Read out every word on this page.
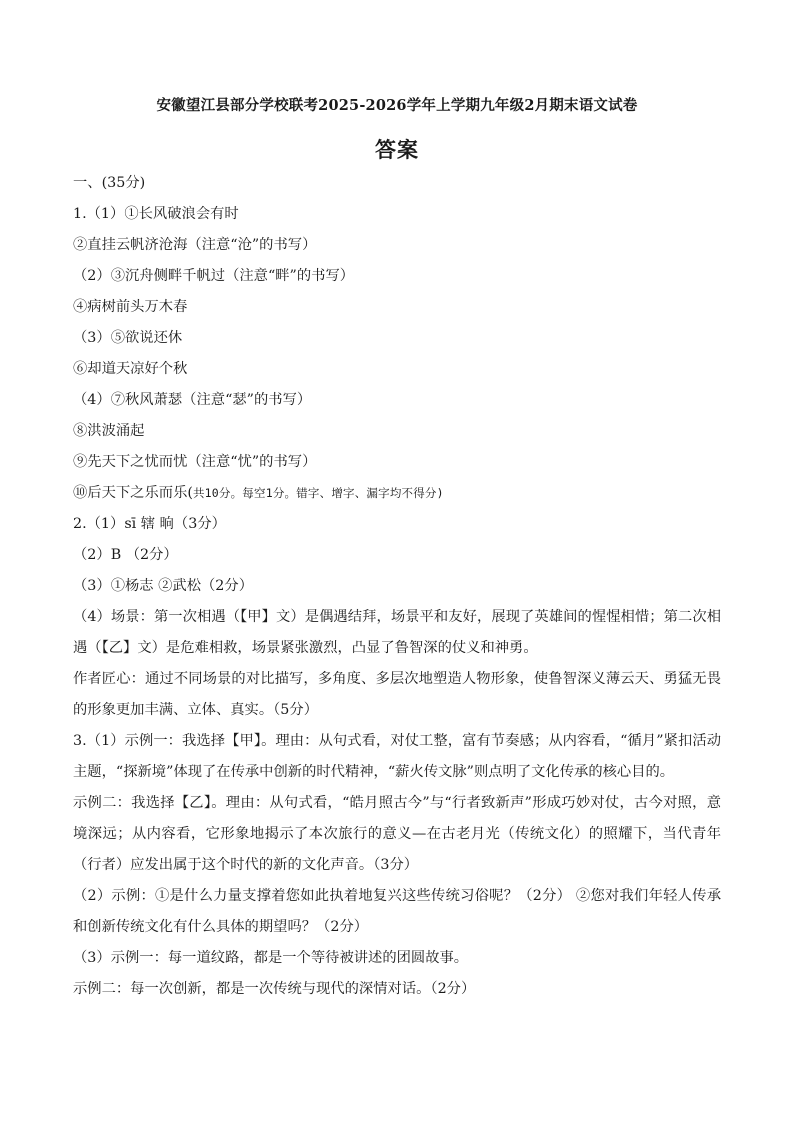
安徽望江县部分学校联考2025-2026学年上学期九年级2月期末语文试卷
答案
一、(35分)
1.（1）①长风破浪会有时
②直挂云帆济沧海（注意“沧”的书写）
（2）③沉舟侧畔千帆过（注意“畔”的书写）
④病树前头万木春
（3）⑤欲说还休
⑥却道天凉好个秋
（4）⑦秋风萧瑟（注意“瑟”的书写）
⑧洪波涌起
⑨先天下之忧而忧（注意“忧”的书写）
⑩后天下之乐而乐(共10分。每空1分。错字、增字、漏字均不得分)
2.（1）sī 辖 晌（3分）
（2）B （2分）
（3）①杨志 ②武松（2分）
（4）场景：第一次相遇（【甲】文）是偶遇结拜，场景平和友好，展现了英雄间的惺惺相惜；第二次相遇（【乙】文）是危难相救，场景紧张激烈，凸显了鲁智深的仗义和神勇。
作者匠心：通过不同场景的对比描写，多角度、多层次地塑造人物形象，使鲁智深义薄云天、勇猛无畏的形象更加丰满、立体、真实。（5分）
3.（1）示例一：我选择【甲】。理由：从句式看，对仗工整，富有节奏感；从内容看，“循月”紧扣活动主题，“探新境”体现了在传承中创新的时代精神，“薪火传文脉”则点明了文化传承的核心目的。
示例二：我选择【乙】。理由：从句式看，“皓月照古今”与“行者致新声”形成巧妙对仗，古今对照，意境深远；从内容看，它形象地揭示了本次旅行的意义—在古老月光（传统文化）的照耀下，当代青年（行者）应发出属于这个时代的新的文化声音。（3分）
（2）示例：①是什么力量支撑着您如此执着地复兴这些传统习俗呢？（2分） ②您对我们年轻人传承和创新传统文化有什么具体的期望吗？（2分）
（3）示例一：每一道纹路，都是一个等待被讲述的团圆故事。
示例二：每一次创新，都是一次传统与现代的深情对话。（2分）
